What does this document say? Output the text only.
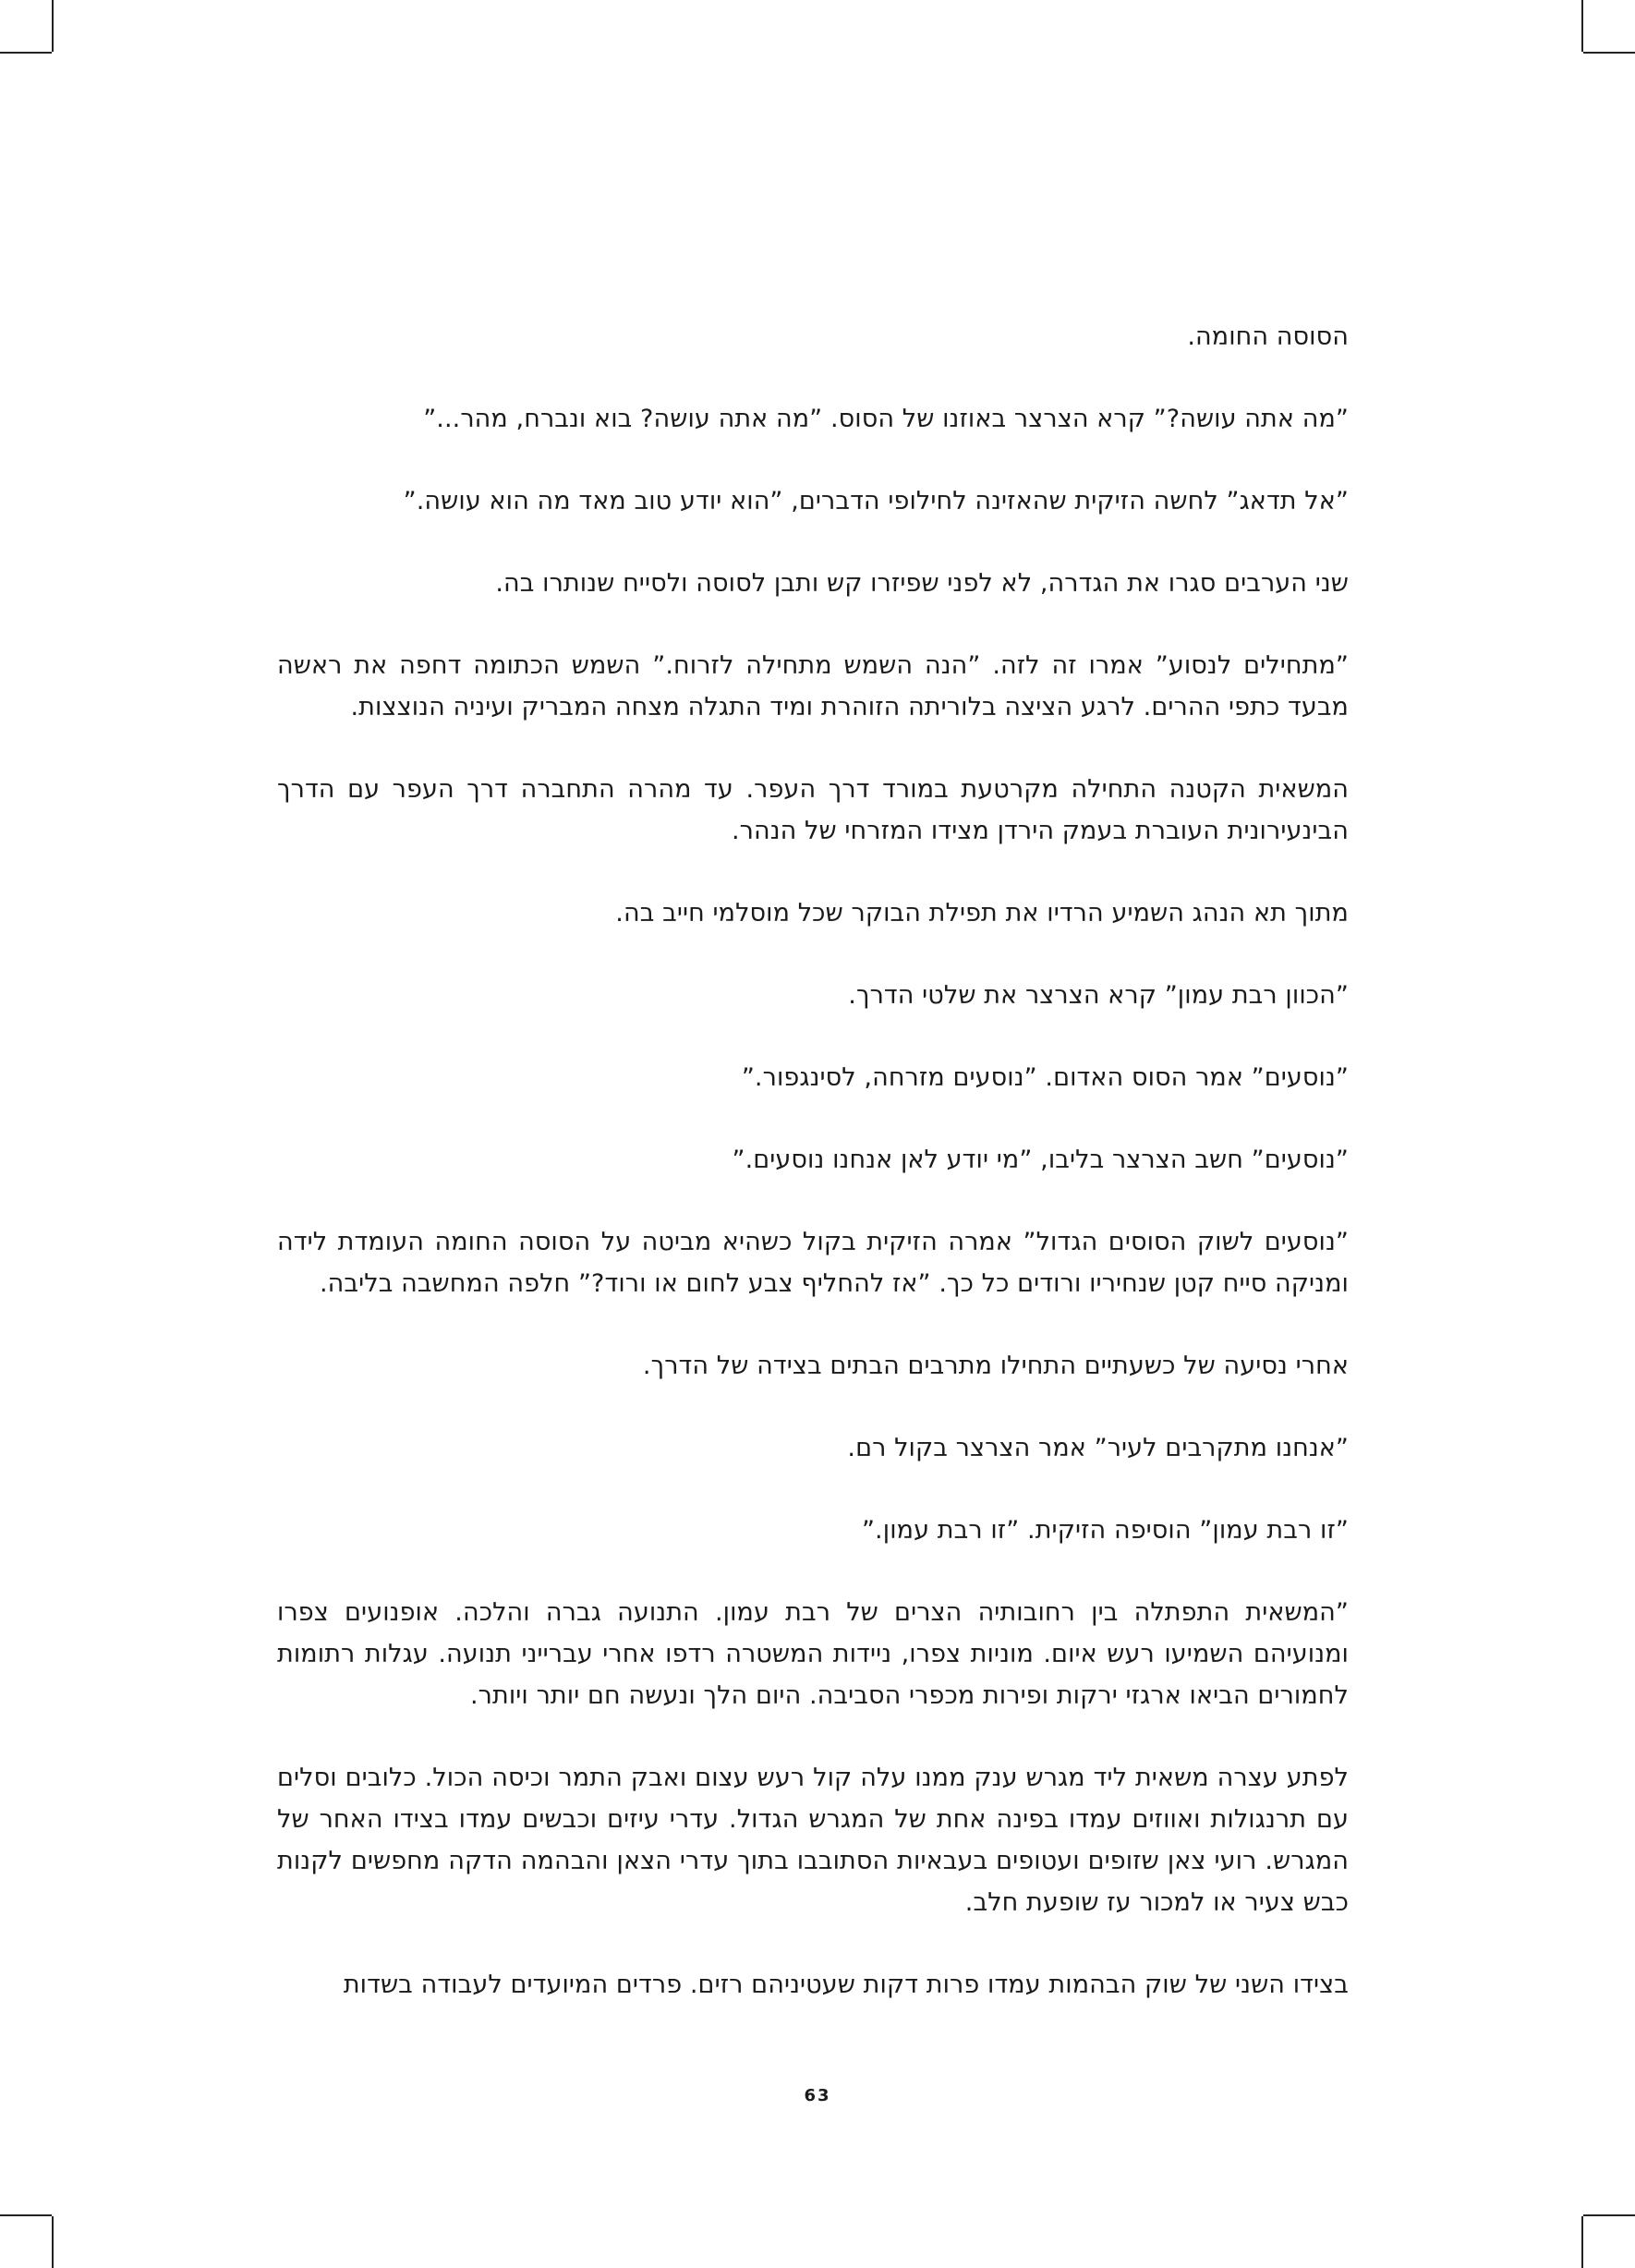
הסוסה החומה.

”מה אתה עושה?” קרא הצרצר באוזנו של הסוס. ”מה אתה עושה? בוא ונברח, מהר...”

”אל תדאג” לחשה הזיקית שהאזינה לחילופי הדברים, ”הוא יודע טוב מאד מה הוא עושה.”

שני הערבים סגרו את הגדרה, לא לפני שפיזרו קש ותבן לסוסה ולסייח שנותרו בה.

”מתחילים לנסוע” אמרו זה לזה. ”הנה השמש מתחילה לזרוח.” השמש הכתומה דחפה את ראשה מבעד כתפי ההרים. לרגע הציצה בלוריתה הזוהרת ומיד התגלה מצחה המבריק ועיניה הנוצצות.

המשאית הקטנה התחילה מקרטעת במורד דרך העפר. עד מהרה התחברה דרך העפר עם הדרך הבינעירונית העוברת בעמק הירדן מצידו המזרחי של הנהר.

מתוך תא הנהג השמיע הרדיו את תפילת הבוקר שכל מוסלמי חייב בה.

”הכוון רבת עמון” קרא הצרצר את שלטי הדרך.

”נוסעים” אמר הסוס האדום. ”נוסעים מזרחה, לסינגפור.”

”נוסעים” חשב הצרצר בליבו, ”מי יודע לאן אנחנו נוסעים.”

”נוסעים לשוק הסוסים הגדול” אמרה הזיקית בקול כשהיא מביטה על הסוסה החומה העומדת לידה ומניקה סייח קטן שנחיריו ורודים כל כך. ”אז להחליף צבע לחום או ורוד?” חלפה המחשבה בליבה.

אחרי נסיעה של כשעתיים התחילו מתרבים הבתים בצידה של הדרך.

”אנחנו מתקרבים לעיר” אמר הצרצר בקול רם.

”זו רבת עמון” הוסיפה הזיקית. ”זו רבת עמון.”

”המשאית התפתלה בין רחובותיה הצרים של רבת עמון. התנועה גברה והלכה. אופנועים צפרו ומנועיהם השמיעו רעש איום. מוניות צפרו, ניידות המשטרה רדפו אחרי עברייני תנועה. עגלות רתומות לחמורים הביאו ארגזי ירקות ופירות מכפרי הסביבה. היום הלך ונעשה חם יותר ויותר.

לפתע עצרה משאית ליד מגרש ענק ממנו עלה קול רעש עצום ואבק התמר וכיסה הכול. כלובים וסלים עם תרנגולות ואווזים עמדו בפינה אחת של המגרש הגדול. עדרי עיזים וכבשים עמדו בצידו האחר של המגרש. רועי צאן שזופים ועטופים בעבאיות הסתובבו בתוך עדרי הצאן והבהמה הדקה מחפשים לקנות כבש צעיר או למכור עז שופעת חלב.

בצידו השני של שוק הבהמות עמדו פרות דקות שעטיניהם רזים. פרדים המיועדים לעבודה בשדות

63
